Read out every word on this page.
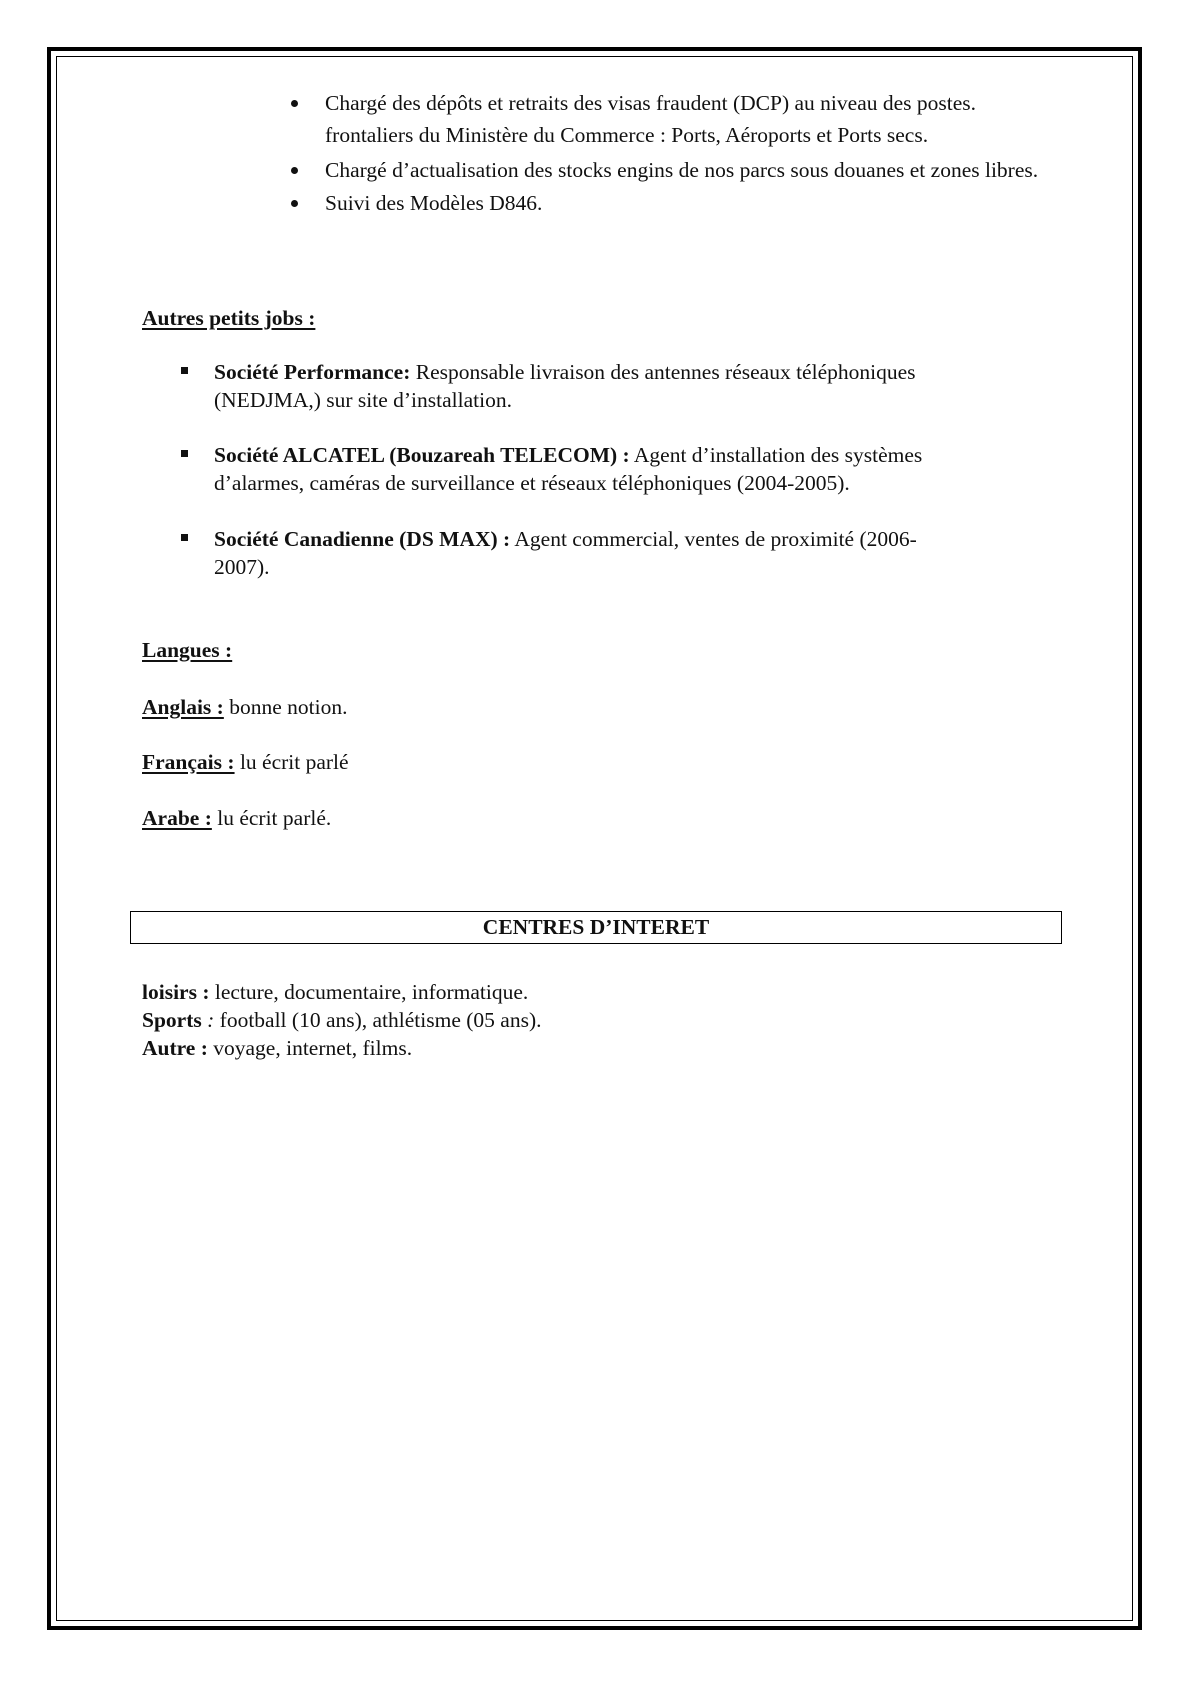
Chargé des dépôts et retraits des visas fraudent (DCP) au niveau des postes.
frontaliers du Ministère du Commerce : Ports, Aéroports et Ports secs.
Chargé d’actualisation des stocks engins de nos parcs sous douanes et zones libres.
Suivi des Modèles D846.
Autres petits jobs :
Société Performance: Responsable livraison des antennes réseaux téléphoniques
(NEDJMA,) sur site d’installation.
Société ALCATEL (Bouzareah TELECOM) : Agent d’installation des systèmes
d’alarmes, caméras de surveillance et réseaux téléphoniques (2004-2005).
Société Canadienne (DS MAX) : Agent commercial, ventes de proximité (2006-
2007).
Langues :
Anglais : bonne notion.
Français : lu écrit parlé
Arabe : lu écrit parlé.
CENTRES D’INTERET
loisirs : lecture, documentaire, informatique.
Sports : football (10 ans), athlétisme (05 ans).
Autre : voyage, internet, films.
